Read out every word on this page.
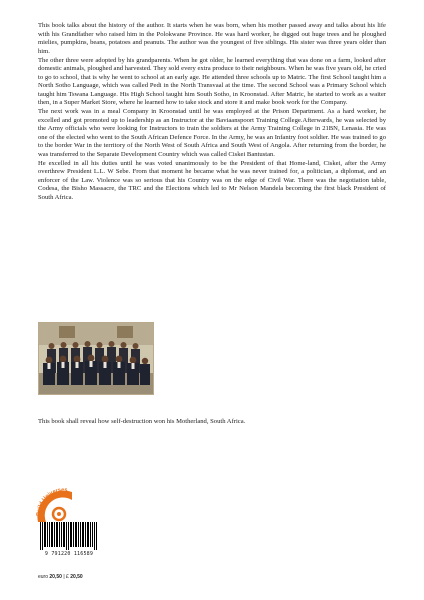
This book talks about the history of the author. It starts when he was born, when his mother passed away and talks about his life with his Grandfather who raised him in the Polokwane Province. He was hard worker, he digged out huge trees and he ploughed mielies, pumpkins, beans, potatoes and peanuts. The author was the youngest of five siblings. His sister was three years older than him.

The other three were adopted by his grandparents. When he got older, he learned everything that was done on a farm, looked after domestic animals, ploughed and harvested. They sold every extra produce to their neighbours. When he was five years old, he cried to go to school, that is why he went to school at an early age. He attended three schools up to Matric. The first School taught him a North Sotho Language, which was called Pedi in the North Transvaal at the time. The second School was a Primary School which taught him Tswana Language. His High School taught him South Sotho, in Kroonstad. After Matric, he started to work as a waiter then, in a Super Market Store, where he learned how to take stock and store it and make book work for the Company.

The next work was in a meal Company in Kroonstad until he was employed at the Prison Department. As a hard worker, he excelled and got promoted up to leadership as an Instructor at the Baviaanspoort Training College.Afterwards, he was selected by the Army officials who were looking for Instructors to train the soldiers at the Army Training College in 21BN, Lenasia. He was one of the elected who went to the South African Defence Force. In the Army, he was an Infantry foot soldier. He was trained to go to the border War in the territory of the North West of South Africa and South West of Angola. After returning from the border, he was transferred to the Separate Development Country which was called Ciskei Bantustan.

He excelled in all his duties until he was voted unanimously to be the President of that Home-land, Ciskei, after the Army overthrew President L.L. W Sebe. From that moment he became what he was never trained for, a politician, a diplomat, and an enforcer of the Law. Violence was so serious that his Country was on the edge of Civil War. There was the negotiation table, Codesa, the Bisho Massacre, the TRC and the Elections which led to Mr Nelson Mandela becoming the first black President of South Africa.

This book shall reveal how self-destruction won his Motherland, South Africa.
Build Universes
9 791220 116589
euro 20,50 | £ 20,50
